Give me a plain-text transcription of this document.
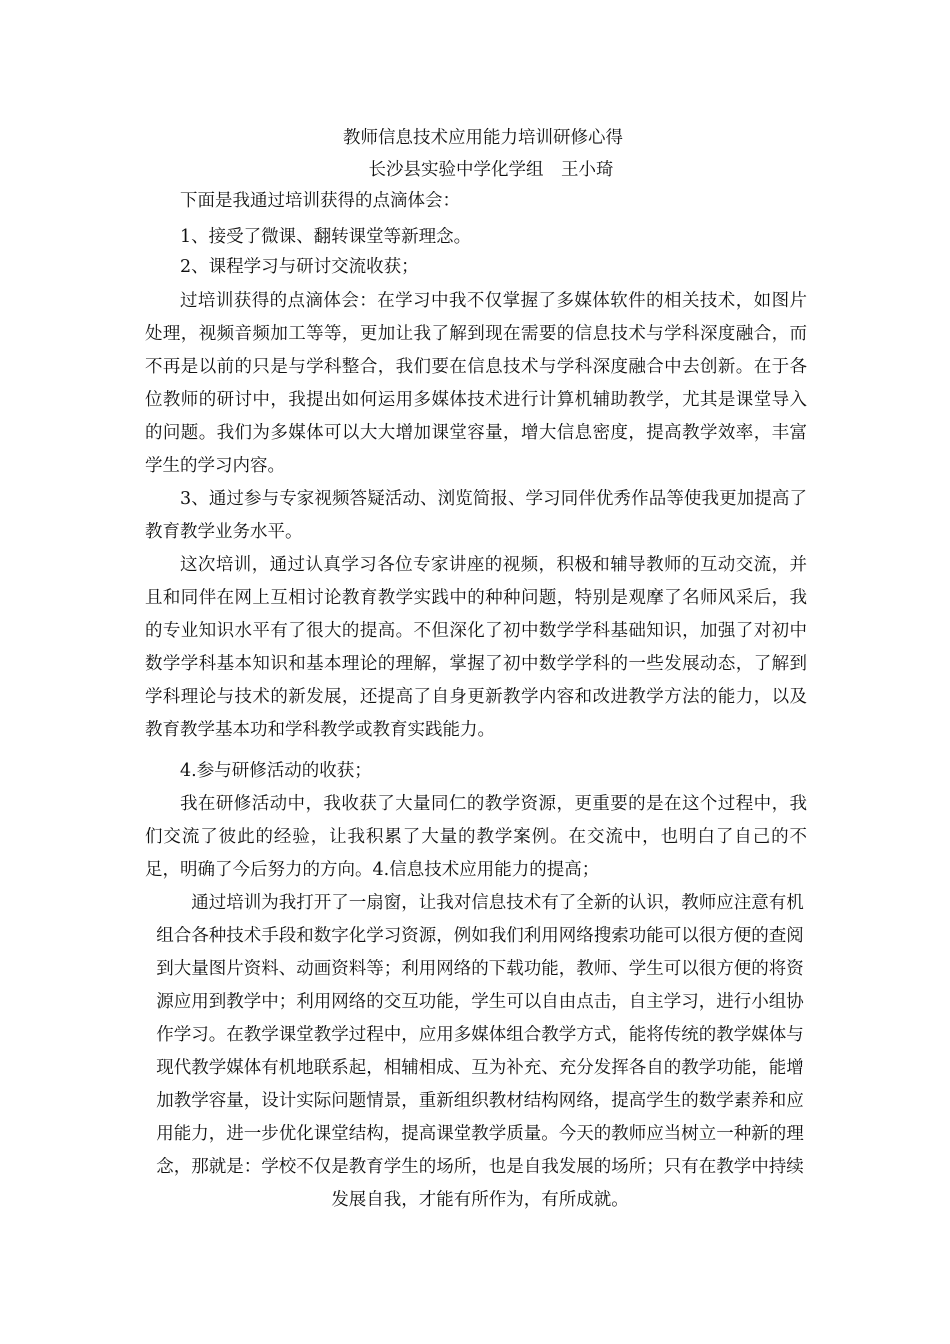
教师信息技术应用能力培训研修心得
长沙县实验中学化学组　王小琦

下面是我通过培训获得的点滴体会：

1、接受了微课、翻转课堂等新理念。

2、课程学习与研讨交流收获；

过培训获得的点滴体会：在学习中我不仅掌握了多媒体软件的相关技术，如图片处理，视频音频加工等等，更加让我了解到现在需要的信息技术与学科深度融合，而不再是以前的只是与学科整合，我们要在信息技术与学科深度融合中去创新。在于各位教师的研讨中，我提出如何运用多媒体技术进行计算机辅助教学，尤其是课堂导入的问题。我们为多媒体可以大大增加课堂容量，增大信息密度，提高教学效率，丰富学生的学习内容。

3、通过参与专家视频答疑活动、浏览简报、学习同伴优秀作品等使我更加提高了教育教学业务水平。

这次培训，通过认真学习各位专家讲座的视频，积极和辅导教师的互动交流，并且和同伴在网上互相讨论教育教学实践中的种种问题，特别是观摩了名师风采后，我的专业知识水平有了很大的提高。不但深化了初中数学学科基础知识，加强了对初中数学学科基本知识和基本理论的理解，掌握了初中数学学科的一些发展动态，了解到学科理论与技术的新发展，还提高了自身更新教学内容和改进教学方法的能力，以及教育教学基本功和学科教学或教育实践能力。

4.参与研修活动的收获；

我在研修活动中，我收获了大量同仁的教学资源，更重要的是在这个过程中，我们交流了彼此的经验，让我积累了大量的教学案例。在交流中，也明白了自己的不足，明确了今后努力的方向。4.信息技术应用能力的提高；

通过培训为我打开了一扇窗，让我对信息技术有了全新的认识，教师应注意有机组合各种技术手段和数字化学习资源，例如我们利用网络搜索功能可以很方便的查阅到大量图片资料、动画资料等；利用网络的下载功能，教师、学生可以很方便的将资源应用到教学中；利用网络的交互功能，学生可以自由点击，自主学习，进行小组协作学习。在教学课堂教学过程中，应用多媒体组合教学方式，能将传统的教学媒体与现代教学媒体有机地联系起，相辅相成、互为补充、充分发挥各自的教学功能，能增加教学容量，设计实际问题情景，重新组织教材结构网络，提高学生的数学素养和应用能力，进一步优化课堂结构，提高课堂教学质量。今天的教师应当树立一种新的理念，那就是：学校不仅是教育学生的场所，也是自我发展的场所；只有在教学中持续发展自我，才能有所作为，有所成就。
